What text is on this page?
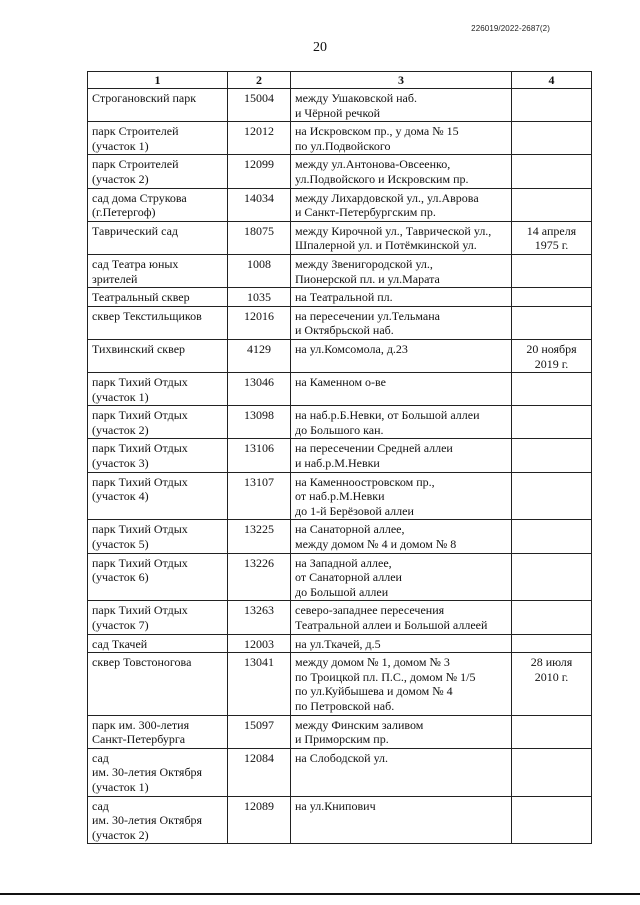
226019/2022-2687(2)
20
1	2	3	4

Строгановский парк	15004	между Ушаковской наб.
и Чёрной речкой	

парк Строителей
(участок 1)	12012	на Искровском пр., у дома № 15
по ул.Подвойского	

парк Строителей
(участок 2)	12099	между ул.Антонова-Овсеенко,
ул.Подвойского и Искровским пр.	

сад дома Струкова
(г.Петергоф)	14034	между Лихардовской ул., ул.Аврова
и Санкт-Петербургским пр.	

Таврический сад	18075	между Кирочной ул., Таврической ул.,
Шпалерной ул. и Потёмкинской ул.	14 апреля
1975 г.

сад Театра юных
зрителей	1008	между Звенигородской ул.,
Пионерской пл. и ул.Марата	

Театральный сквер	1035	на Театральной пл.	

сквер Текстильщиков	12016	на пересечении ул.Тельмана
и Октябрьской наб.	

Тихвинский сквер	4129	на ул.Комсомола, д.23	20 ноября
2019 г.

парк Тихий Отдых
(участок 1)	13046	на Каменном о-ве	

парк Тихий Отдых
(участок 2)	13098	на наб.р.Б.Невки, от Большой аллеи
до Большого кан.	

парк Тихий Отдых
(участок 3)	13106	на пересечении Средней аллеи
и наб.р.М.Невки	

парк Тихий Отдых
(участок 4)	13107	на Каменноостровском пр.,
от наб.р.М.Невки
до 1-й Берёзовой аллеи	

парк Тихий Отдых
(участок 5)	13225	на Санаторной аллее,
между домом № 4 и домом № 8	

парк Тихий Отдых
(участок 6)	13226	на Западной аллее,
от Санаторной аллеи
до Большой аллеи	

парк Тихий Отдых
(участок 7)	13263	северо-западнее пересечения
Театральной аллеи и Большой аллеей	

сад Ткачей	12003	на ул.Ткачей, д.5	

сквер Товстоногова	13041	между домом № 1, домом № 3
по Троицкой пл. П.С., домом № 1/5
по ул.Куйбышева и домом № 4
по Петровской наб.	28 июля
2010 г.

парк им. 300-летия
Санкт-Петербурга	15097	между Финским заливом
и Приморским пр.	

сад
им. 30-летия Октября
(участок 1)	12084	на Слободской ул.	

сад
им. 30-летия Октября
(участок 2)	12089	на ул.Книпович	
